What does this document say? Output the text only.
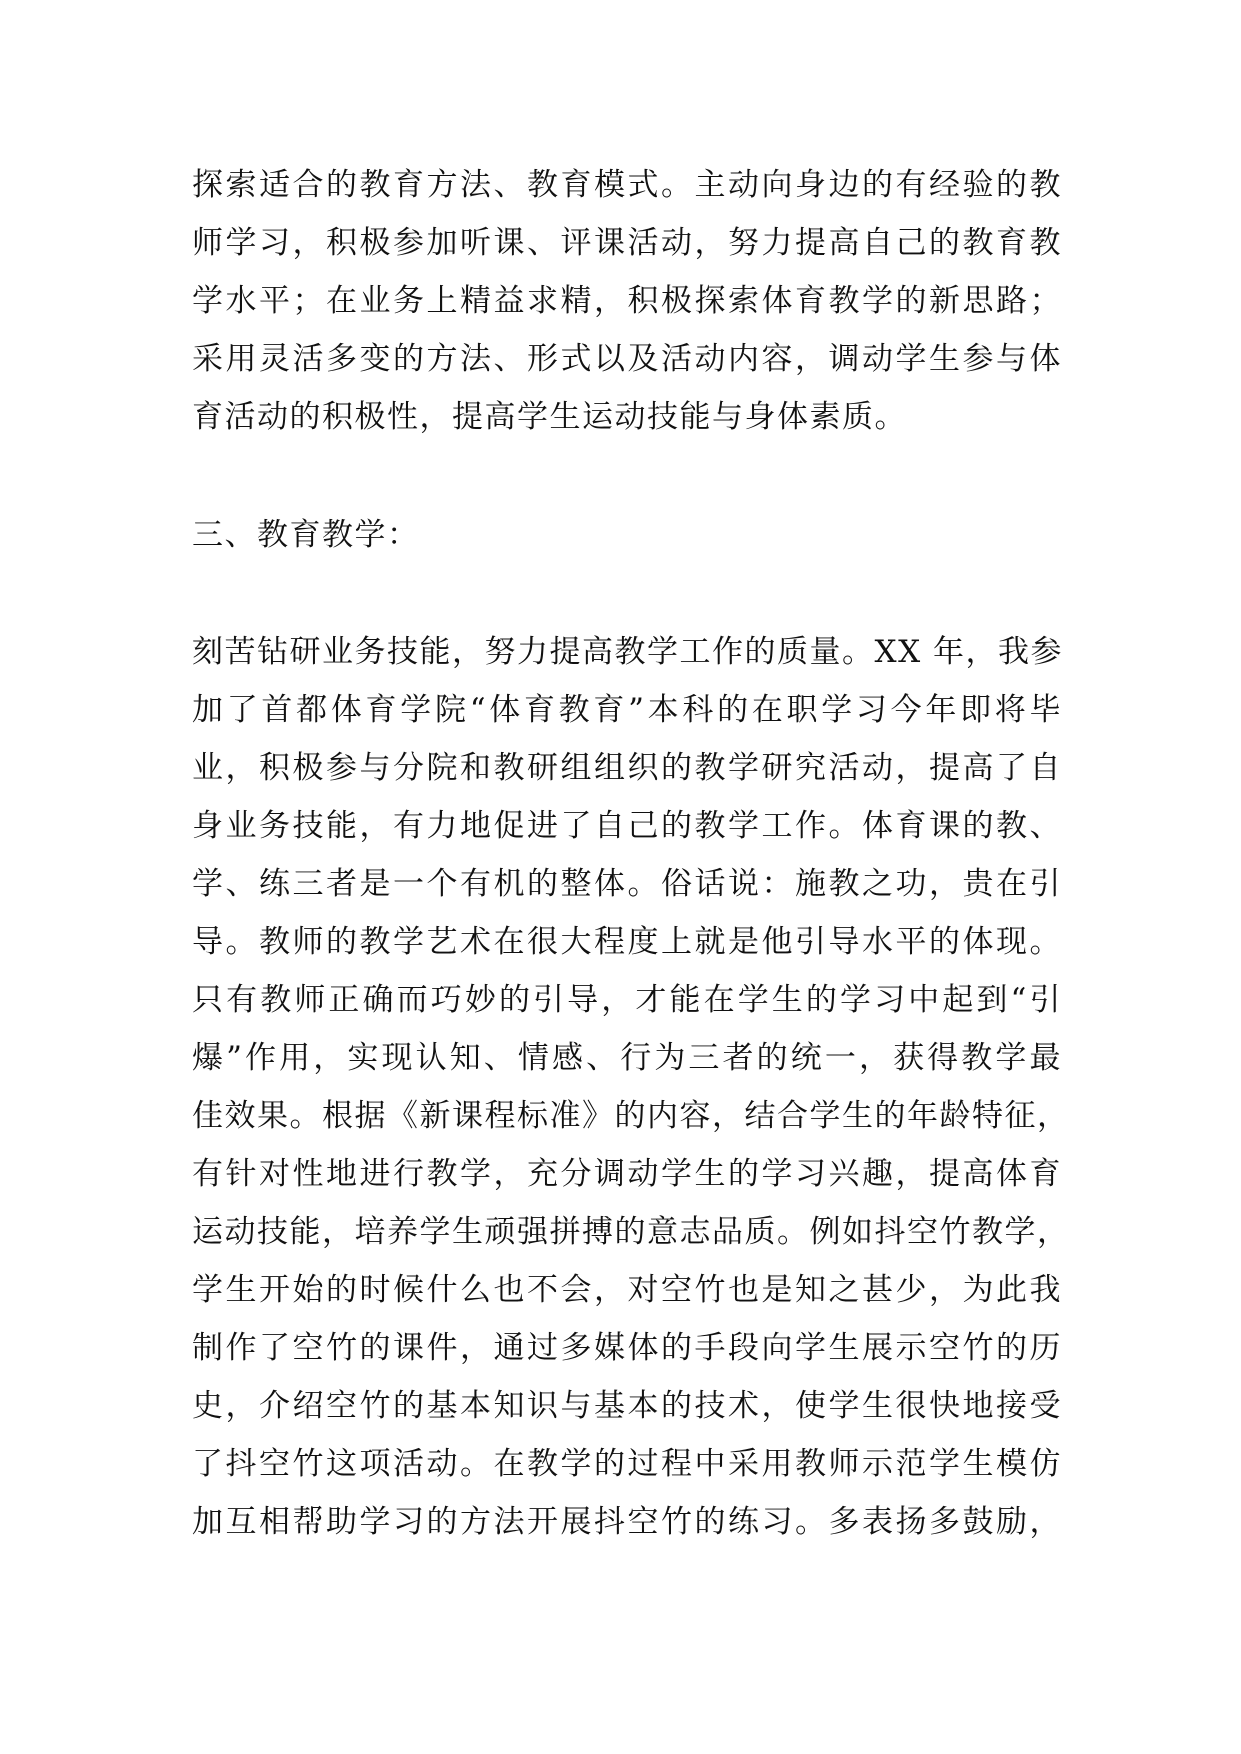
探索适合的教育方法、教育模式。主动向身边的有经验的教
师学习，积极参加听课、评课活动，努力提高自己的教育教
学水平；在业务上精益求精，积极探索体育教学的新思路；
采用灵活多变的方法、形式以及活动内容，调动学生参与体
育活动的积极性，提高学生运动技能与身体素质。
三、教育教学：
刻苦钻研业务技能，努力提高教学工作的质量。XX 年，我参
加了首都体育学院“体育教育”本科的在职学习今年即将毕
业，积极参与分院和教研组组织的教学研究活动，提高了自
身业务技能，有力地促进了自己的教学工作。体育课的教、
学、练三者是一个有机的整体。俗话说：施教之功，贵在引
导。教师的教学艺术在很大程度上就是他引导水平的体现。
只有教师正确而巧妙的引导，才能在学生的学习中起到“引
爆”作用，实现认知、情感、行为三者的统一，获得教学最
佳效果。根据《新课程标准》的内容，结合学生的年龄特征，
有针对性地进行教学，充分调动学生的学习兴趣，提高体育
运动技能，培养学生顽强拼搏的意志品质。例如抖空竹教学，
学生开始的时候什么也不会，对空竹也是知之甚少，为此我
制作了空竹的课件，通过多媒体的手段向学生展示空竹的历
史，介绍空竹的基本知识与基本的技术，使学生很快地接受
了抖空竹这项活动。在教学的过程中采用教师示范学生模仿
加互相帮助学习的方法开展抖空竹的练习。多表扬多鼓励，
